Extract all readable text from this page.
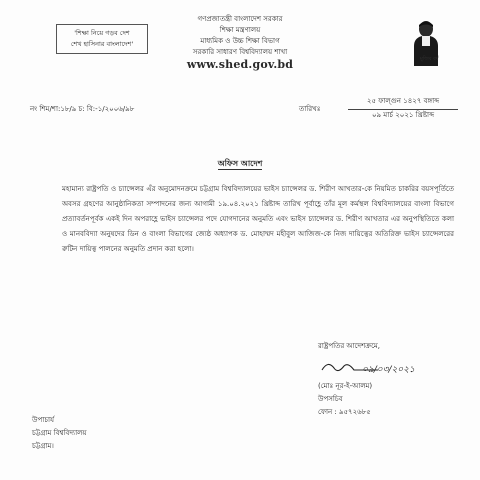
'শিক্ষা নিয়ে গড়ব দেশ
শেখ হাসিনার বাংলাদেশ'
গণপ্রজাতন্ত্রী বাংলাদেশ সরকার
শিক্ষা মন্ত্রণালয়
মাধ্যমিক ও উচ্চ শিক্ষা বিভাগ
সরকারি সাধারণ বিশ্ববিদ্যালয় শাখা
www.shed.gov.bd	মুজিব বর্ষ
নং শিম/শা:১৮/৯ চ: বি:-১/২০০৬/৯৮	তারিখঃ
২৫ ফাল্গুন ১৪২৭ বঙ্গাব্দ
০৯ মার্চ ২০২১ খ্রিষ্টাব্দ
অফিস আদেশ
মহামান্য রাষ্ট্রপতি ও চ্যান্সেলর এঁর অনুমোদনক্রমে চট্টগ্রাম বিশ্ববিদ্যালয়ের ভাইস চ্যান্সেলর ড. শিরীণ আখতার-কে নিয়মিত চাকরির বয়সপূর্তিতে অবসর গ্রহণের আনুষ্ঠানিকতা সম্পাদনের জন্য আগামী ১৯.০৪.২০২১ খ্রিষ্টাব্দ তারিখ পূর্বাহ্ণে তাঁর মূল কর্মস্থল বিশ্ববিদ্যালয়ের বাংলা বিভাগে প্রত্যাবর্তনপূর্বক একই দিন অপরাহ্ণে ভাইস চ্যান্সেলর পদে যোগদানের অনুমতি এবং ভাইস চ্যান্সেলর ড. শিরীণ আখতার এর অনুপস্থিতিতে কলা ও মানববিদ্যা অনুষদের ডিন ও বাংলা বিভাগের জ্যেষ্ঠ অধ্যাপক ড. মোহাম্মদ মহীবুল আজিজ-কে নিজ দায়িত্বের অতিরিক্ত ভাইস চ্যান্সেলরের রুটিন দায়িত্ব পালনের অনুমতি প্রদান করা হলো।
রাষ্ট্রপতির আদেশক্রমে,
০৯/০৩/২০২১
(মোঃ নূর-ই-আলম)
উপসচিব
ফোন : ৯৫৭২৬৮৫
উপাচার্য
চট্টগ্রাম বিশ্ববিদ্যালয়
চট্টগ্রাম।
